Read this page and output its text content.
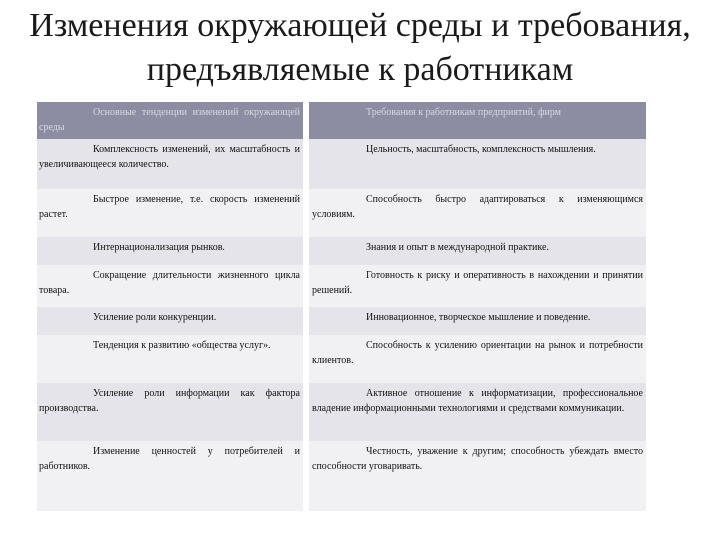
Изменения окружающей среды и требования,
предъявляемые к работникам
Основные тенденции изменений окружающей среды	Требования к работникам предприятий, фирм
Комплексность изменений, их масштабность и увеличивающееся количество.	Цельность, масштабность, комплексность мышления.
Быстрое изменение, т.е. скорость изменений растет.	Способность быстро адаптироваться к изменяющимся условиям.
Интернационализация рынков.	Знания и опыт в международной практике.
Сокращение длительности жизненного цикла товара.	Готовность к риску и оперативность в нахождении и принятии решений.
Усиление роли конкуренции.	Инновационное, творческое мышление и поведение.
Тенденция к развитию «общества услуг».	Способность к усилению ориентации на рынок и потребности клиентов.
Усиление роли информации как фактора производства.	Активное отношение к информатизации, профессиональное владение информационными технологиями и средствами коммуникации.
Изменение ценностей у потребителей и работников.	Честность, уважение к другим; способность убеждать вместо способности уговаривать.
